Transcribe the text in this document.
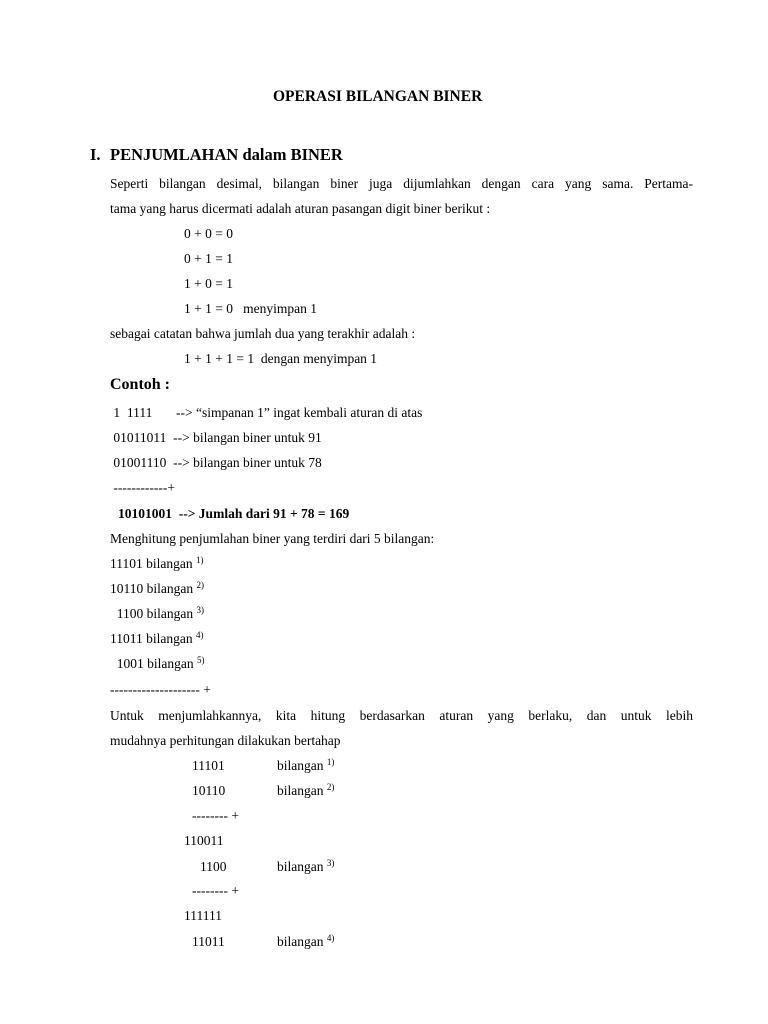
OPERASI BILANGAN BINER
I. PENJUMLAHAN dalam BINER
Seperti bilangan desimal, bilangan biner juga dijumlahkan dengan cara yang sama. Pertama-
tama yang harus dicermati adalah aturan pasangan digit biner berikut :
0 + 0 = 0
0 + 1 = 1
1 + 0 = 1
1 + 1 = 0   menyimpan 1
sebagai catatan bahwa jumlah dua yang terakhir adalah :
1 + 1 + 1 = 1  dengan menyimpan 1
Contoh :
1  1111       --> “simpanan 1” ingat kembali aturan di atas
01011011  --> bilangan biner untuk 91
01001110  --> bilangan biner untuk 78
------------+
10101001  --> Jumlah dari 91 + 78 = 169
Menghitung penjumlahan biner yang terdiri dari 5 bilangan:
11101 bilangan $^{1)}$
10110 bilangan $^{2)}$
1100 bilangan $^{3)}$
11011 bilangan $^{4)}$
1001 bilangan $^{5)}$
-------------------- +
Untuk menjumlahkannya, kita hitung berdasarkan aturan yang berlaku, dan untuk lebih
mudahnya perhitungan dilakukan bertahap
11101	bilangan $^{1)}$
10110	bilangan $^{2)}$
-------- +
110011
1100	bilangan $^{3)}$
-------- +
111111
11011	bilangan $^{4)}$
